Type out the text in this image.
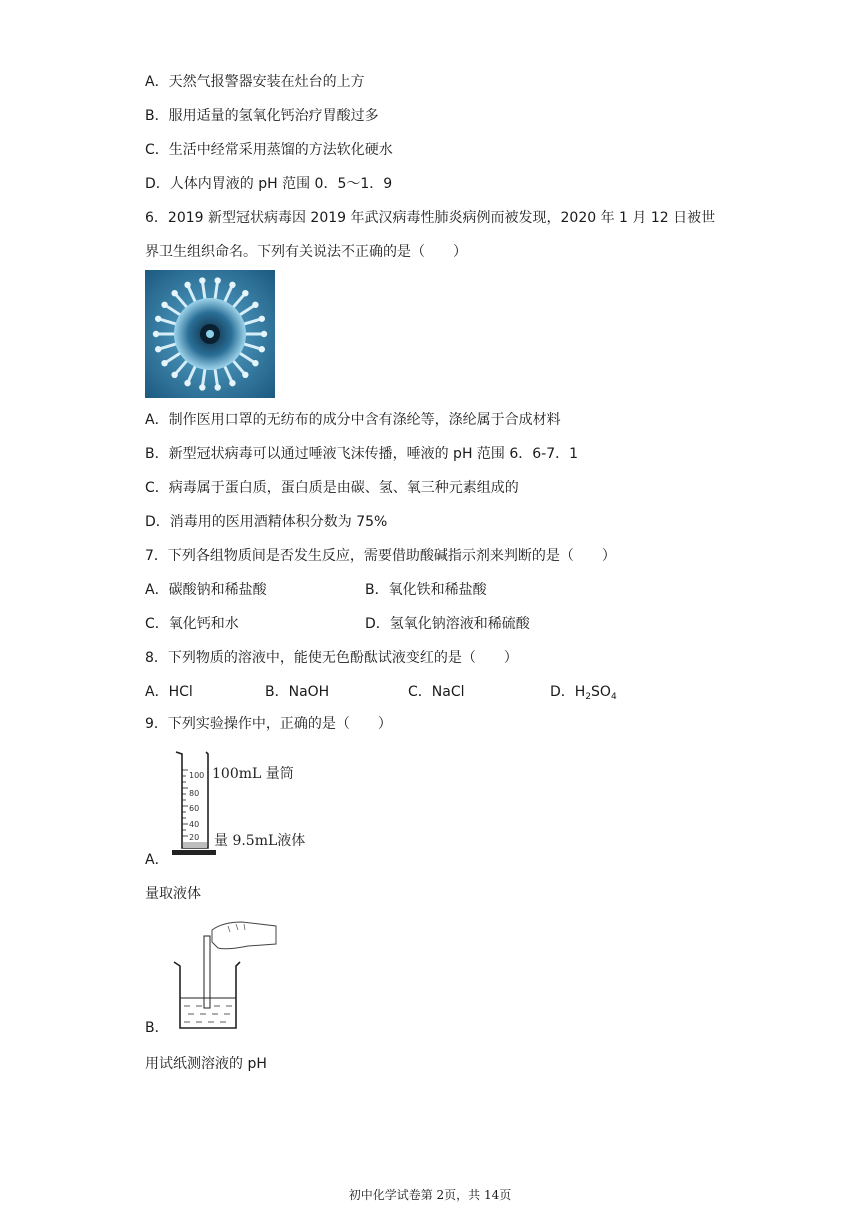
A．天然气报警器安装在灶台的上方
B．服用适量的氢氧化钙治疗胃酸过多
C．生活中经常采用蒸馏的方法软化硬水
D．人体内胃液的 pH 范围 0．5～1．9
6．2019 新型冠状病毒因 2019 年武汉病毒性肺炎病例而被发现，2020 年 1 月 12 日被世
界卫生组织命名。下列有关说法不正确的是（　　）
A．制作医用口罩的无纺布的成分中含有涤纶等，涤纶属于合成材料
B．新型冠状病毒可以通过唾液飞沫传播，唾液的 pH 范围 6．6-7．1
C．病毒属于蛋白质，蛋白质是由碳、氢、氧三种元素组成的
D．消毒用的医用酒精体积分数为 75%
7．下列各组物质间是否发生反应，需要借助酸碱指示剂来判断的是（　　）
A．碳酸钠和稀盐酸	B．氧化铁和稀盐酸
C．氧化钙和水	D．氢氧化钠溶液和稀硫酸
8．下列物质的溶液中，能使无色酚酞试液变红的是（　　）
A．HCl	B．NaOH	C．NaCl	D．$H_2SO_4$
9．下列实验操作中，正确的是（　　）
100
80
60
40
20
100mL 量筒
量 9.5mL液体
A．
量取液体
B．
用试纸测溶液的 pH
初中化学试卷第 2页，共 14页
